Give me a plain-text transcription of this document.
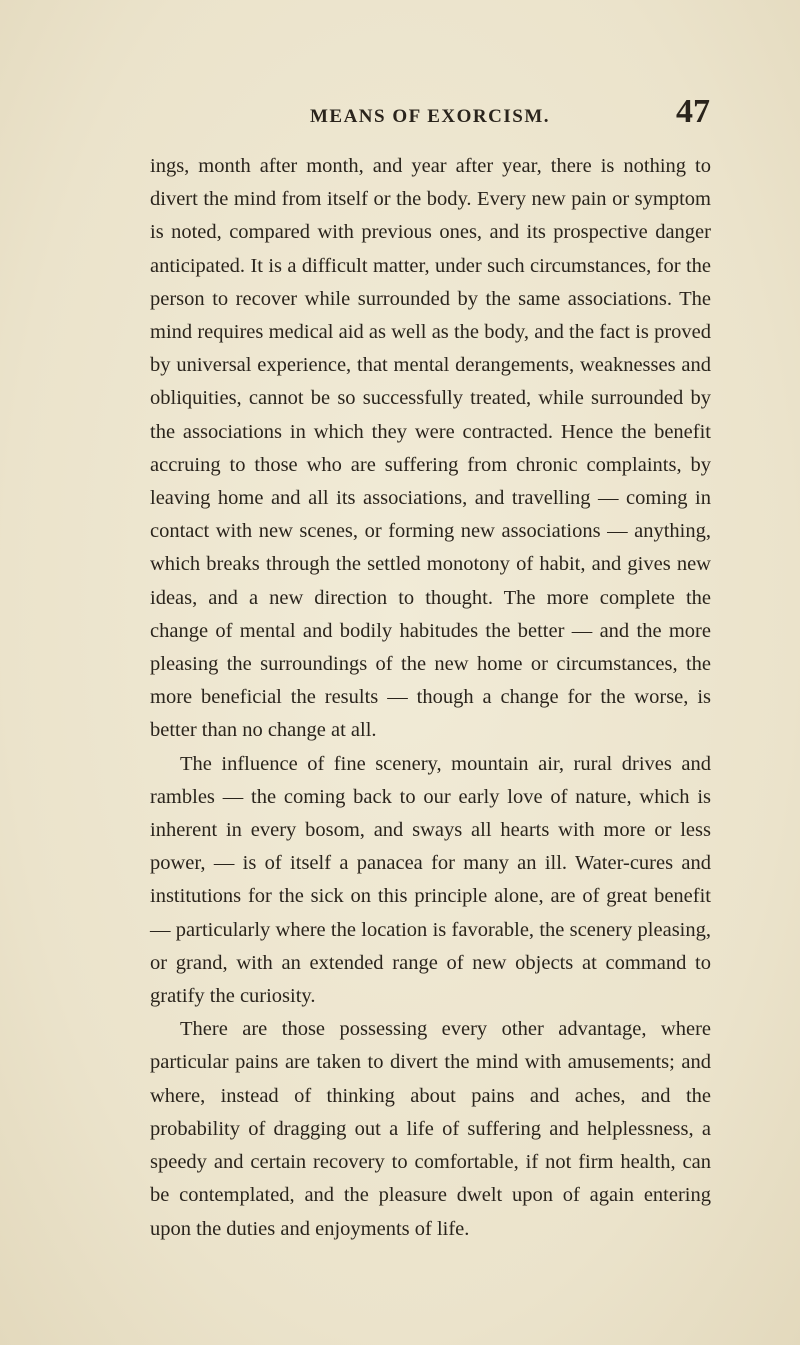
MEANS OF EXORCISM.	47

ings, month after month, and year after year, there is nothing to divert the mind from itself or the body. Every new pain or symptom is noted, compared with previous ones, and its prospective danger anticipated. It is a difficult matter, under such circumstances, for the person to recover while surrounded by the same associations. The mind requires medical aid as well as the body, and the fact is proved by universal experience, that mental derangements, weaknesses and obliquities, cannot be so successfully treated, while surrounded by the associations in which they were contracted. Hence the benefit accruing to those who are suffering from chronic complaints, by leaving home and all its associations, and travelling — coming in contact with new scenes, or forming new associations — anything, which breaks through the settled monotony of habit, and gives new ideas, and a new direction to thought. The more complete the change of mental and bodily habitudes the better — and the more pleasing the surroundings of the new home or circumstances, the more beneficial the results — though a change for the worse, is better than no change at all.

The influence of fine scenery, mountain air, rural drives and rambles — the coming back to our early love of nature, which is inherent in every bosom, and sways all hearts with more or less power, — is of itself a panacea for many an ill. Water-cures and institutions for the sick on this principle alone, are of great benefit — particularly where the location is favorable, the scenery pleasing, or grand, with an extended range of new objects at command to gratify the curiosity.

There are those possessing every other advantage, where particular pains are taken to divert the mind with amusements; and where, instead of thinking about pains and aches, and the probability of dragging out a life of suffering and helplessness, a speedy and certain recovery to comfortable, if not firm health, can be contemplated, and the pleasure dwelt upon of again entering upon the duties and enjoyments of life.
